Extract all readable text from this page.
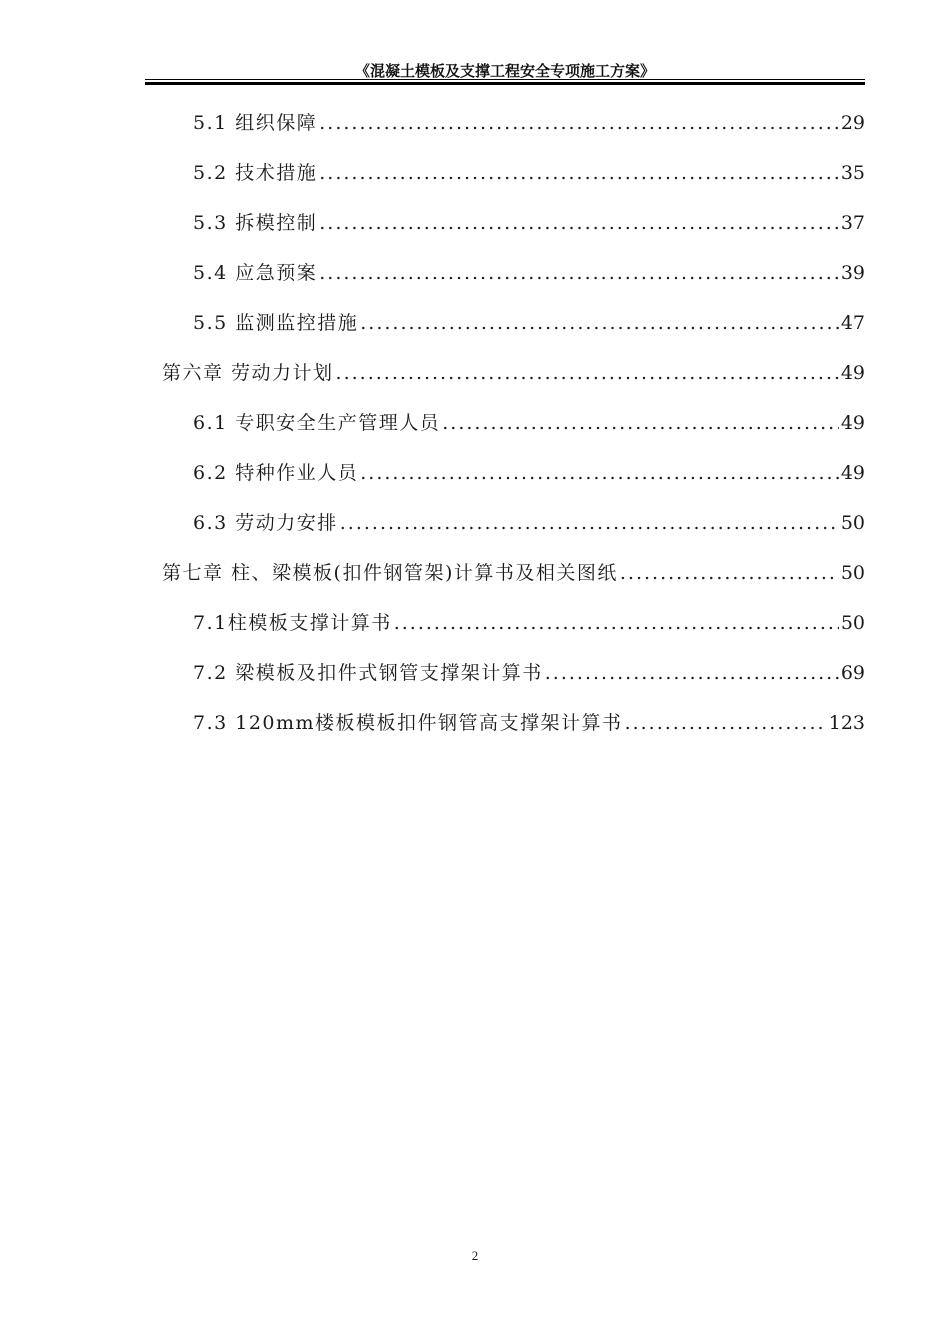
《混凝土模板及支撑工程安全专项施工方案》
5.1 组织保障 .....	29
5.2 技术措施 .....	35
5.3 拆模控制 .....	37
5.4 应急预案 .....	39
5.5 监测监控措施 .....	47
第六章 劳动力计划 .....	49
6.1 专职安全生产管理人员 .....	49
6.2 特种作业人员 .....	49
6.3 劳动力安排 .....	50
第七章 柱、梁模板(扣件钢管架)计算书及相关图纸 .....	50
7.1柱模板支撑计算书 .....	50
7.2 梁模板及扣件式钢管支撑架计算书 .....	69
7.3 120mm楼板模板扣件钢管高支撑架计算书 .....	123
2
